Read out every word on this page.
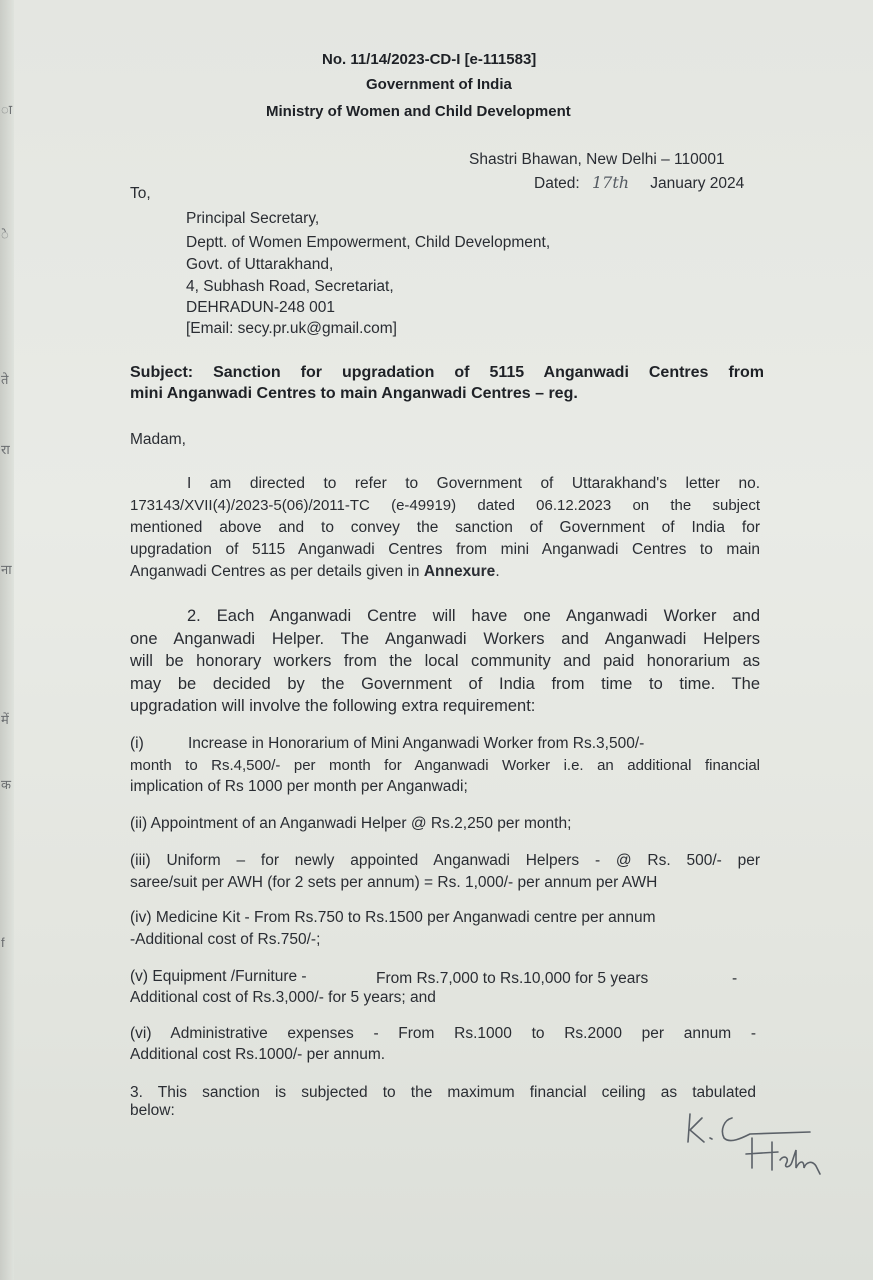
ा
े
ते
रा
ना
में
क
f
No. 11/14/2023-CD-I [e-111583]
Government of India
Ministry of Women and Child Development
Shastri Bhawan, New Delhi – 110001
Dated: 17th January 2024
To,
Principal Secretary,
Deptt. of Women Empowerment, Child Development,
Govt. of Uttarakhand,
4, Subhash Road, Secretariat,
DEHRADUN-248 001
[Email: secy.pr.uk@gmail.com]
Subject: Sanction for upgradation of 5115 Anganwadi Centres from
mini Anganwadi Centres to main Anganwadi Centres – reg.
Madam,
I am directed to refer to Government of Uttarakhand's letter no.
173143/XVII(4)/2023-5(06)/2011-TC (e-49919) dated 06.12.2023 on the subject
mentioned above and to convey the sanction of Government of India for
upgradation of 5115 Anganwadi Centres from mini Anganwadi Centres to main
Anganwadi Centres as per details given in Annexure.
2. Each Anganwadi Centre will have one Anganwadi Worker and
one Anganwadi Helper. The Anganwadi Workers and Anganwadi Helpers
will be honorary workers from the local community and paid honorarium as
may be decided by the Government of India from time to time. The
upgradation will involve the following extra requirement:
(i)	Increase in Honorarium of Mini Anganwadi Worker from Rs.3,500/-
month to Rs.4,500/- per month for Anganwadi Worker i.e. an additional financial
implication of Rs 1000 per month per Anganwadi;
(ii) Appointment of an Anganwadi Helper @ Rs.2,250 per month;
(iii) Uniform – for newly appointed Anganwadi Helpers - @ Rs. 500/- per
saree/suit per AWH (for 2 sets per annum) = Rs. 1,000/- per annum per AWH
(iv) Medicine Kit - From Rs.750 to Rs.1500 per Anganwadi centre per annum
-Additional cost of Rs.750/-;
(v) Equipment /Furniture -	From Rs.7,000 to Rs.10,000 for 5 years	-
Additional cost of Rs.3,000/- for 5 years; and
(vi) Administrative expenses - From Rs.1000 to Rs.2000 per annum -
Additional cost Rs.1000/- per annum.
3. This sanction is subjected to the maximum financial ceiling as tabulated
below:
